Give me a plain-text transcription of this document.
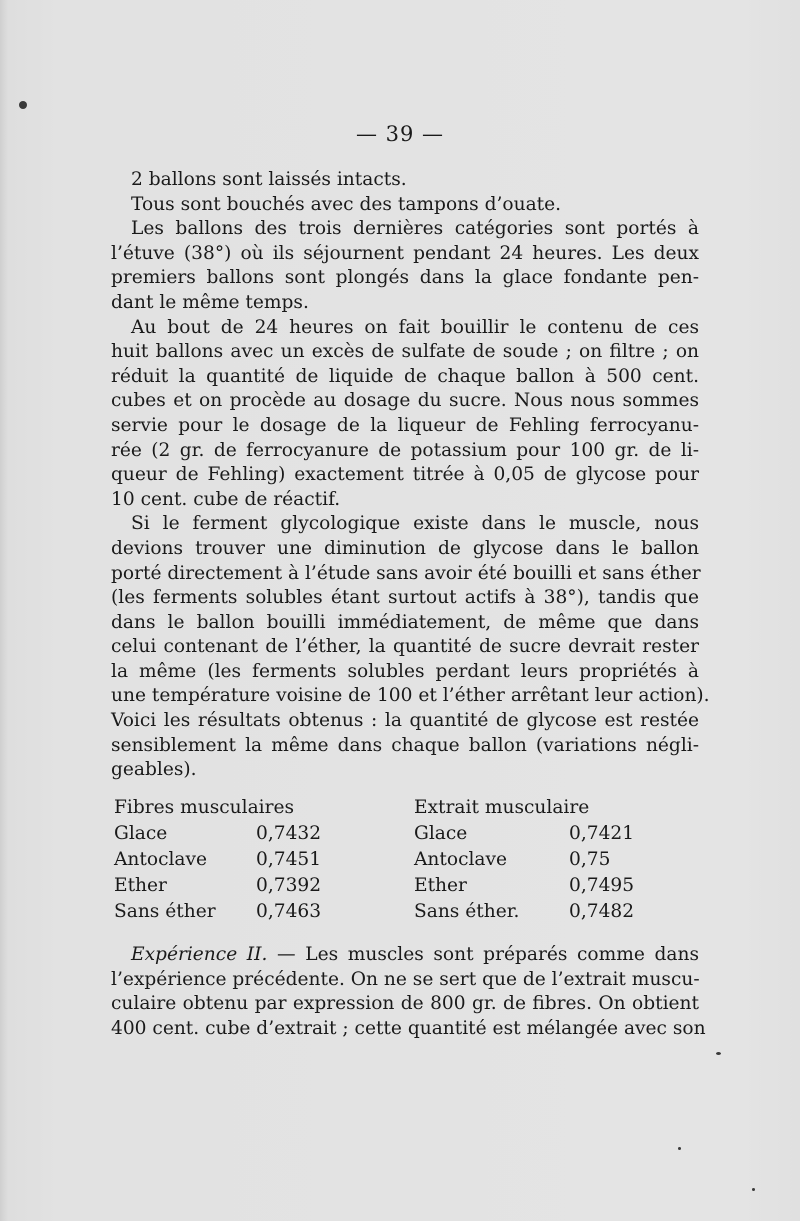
— 39 —
2 ballons sont laissés intacts.
Tous sont bouchés avec des tampons d’ouate.
Les ballons des trois dernières catégories sont portés à
l’étuve (38°) où ils séjournent pendant 24 heures. Les deux
premiers ballons sont plongés dans la glace fondante pen-
dant le même temps.
Au bout de 24 heures on fait bouillir le contenu de ces
huit ballons avec un excès de sulfate de soude ; on filtre ; on
réduit la quantité de liquide de chaque ballon à 500 cent.
cubes et on procède au dosage du sucre. Nous nous sommes
servie pour le dosage de la liqueur de Fehling ferrocyanu-
rée (2 gr. de ferrocyanure de potassium pour 100 gr. de li-
queur de Fehling) exactement titrée à 0,05 de glycose pour
10 cent. cube de réactif.
Si le ferment glycologique existe dans le muscle, nous
devions trouver une diminution de glycose dans le ballon
porté directement à l’étude sans avoir été bouilli et sans éther
(les ferments solubles étant surtout actifs à 38°), tandis que
dans le ballon bouilli immédiatement, de même que dans
celui contenant de l’éther, la quantité de sucre devrait rester
la même (les ferments solubles perdant leurs propriétés à
une température voisine de 100 et l’éther arrêtant leur action).
Voici les résultats obtenus : la quantité de glycose est restée
sensiblement la même dans chaque ballon (variations négli-
geables).
Fibres musculaires	Extrait musculaire
Glace	0,7432	Glace	0,7421
Antoclave	0,7451	Antoclave	0,75
Ether	0,7392	Ether	0,7495
Sans éther	0,7463	Sans éther.	0,7482
Expérience II. — Les muscles sont préparés comme dans
l’expérience précédente. On ne se sert que de l’extrait muscu-
culaire obtenu par expression de 800 gr. de fibres. On obtient
400 cent. cube d’extrait ; cette quantité est mélangée avec son
